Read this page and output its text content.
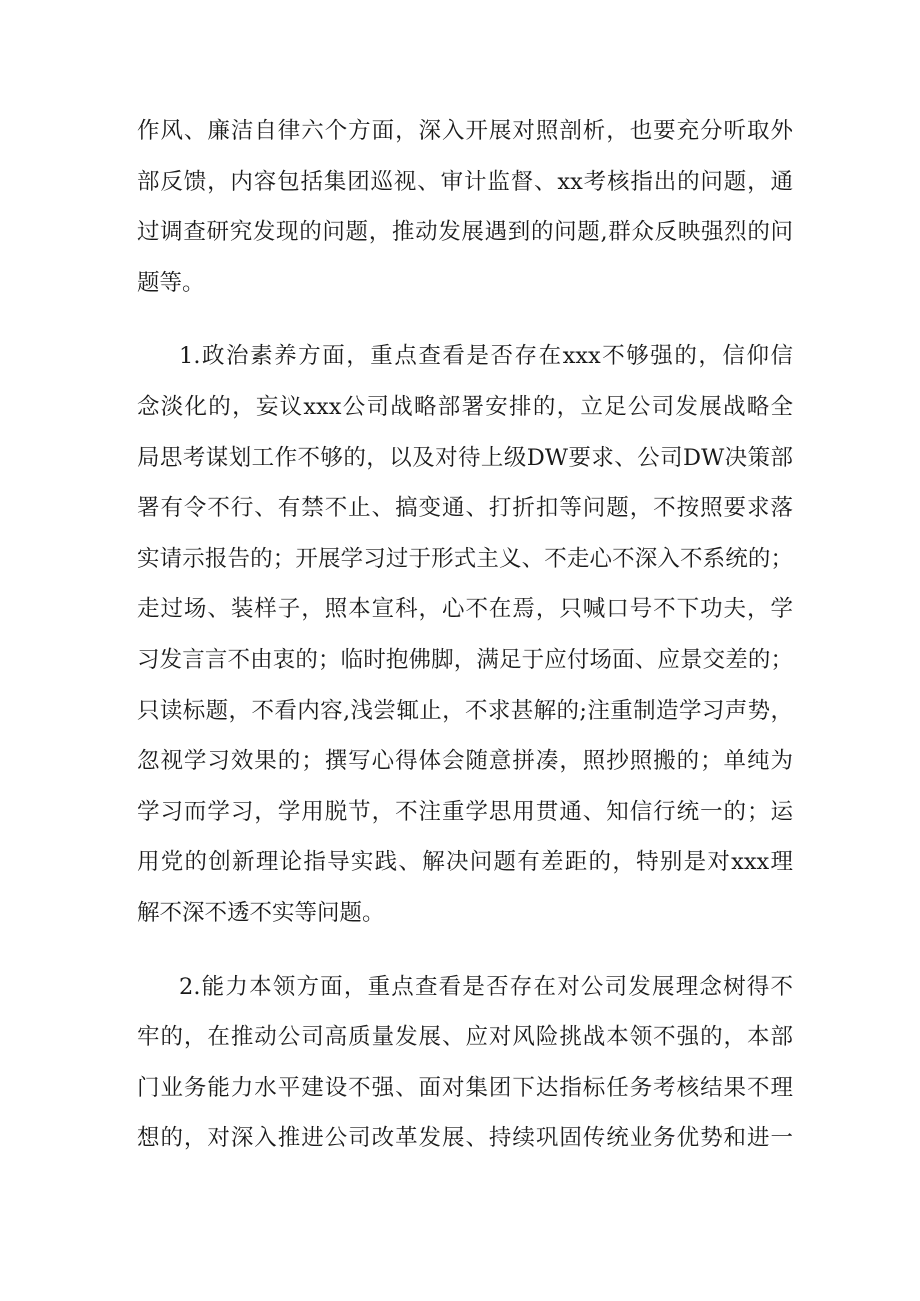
作风、廉洁自律六个方面，深入开展对照剖析，也要充分听取外
部反馈，内容包括集团巡视、审计监督、xx考核指出的问题，通
过调查研究发现的问题，推动发展遇到的问题,群众反映强烈的问
题等。

1.政治素养方面，重点查看是否存在xxx不够强的，信仰信
念淡化的，妄议xxx公司战略部署安排的，立足公司发展战略全
局思考谋划工作不够的，以及对待上级DW要求、公司DW决策部
署有令不行、有禁不止、搞变通、打折扣等问题，不按照要求落
实请示报告的；开展学习过于形式主义、不走心不深入不系统的；
走过场、装样子，照本宣科，心不在焉，只喊口号不下功夫，学
习发言言不由衷的；临时抱佛脚，满足于应付场面、应景交差的；
只读标题，不看内容,浅尝辄止，不求甚解的;注重制造学习声势，
忽视学习效果的；撰写心得体会随意拼凑，照抄照搬的；单纯为
学习而学习，学用脱节，不注重学思用贯通、知信行统一的；运
用党的创新理论指导实践、解决问题有差距的，特别是对xxx理
解不深不透不实等问题。

2.能力本领方面，重点查看是否存在对公司发展理念树得不
牢的，在推动公司高质量发展、应对风险挑战本领不强的，本部
门业务能力水平建设不强、面对集团下达指标任务考核结果不理
想的，对深入推进公司改革发展、持续巩固传统业务优势和进一
